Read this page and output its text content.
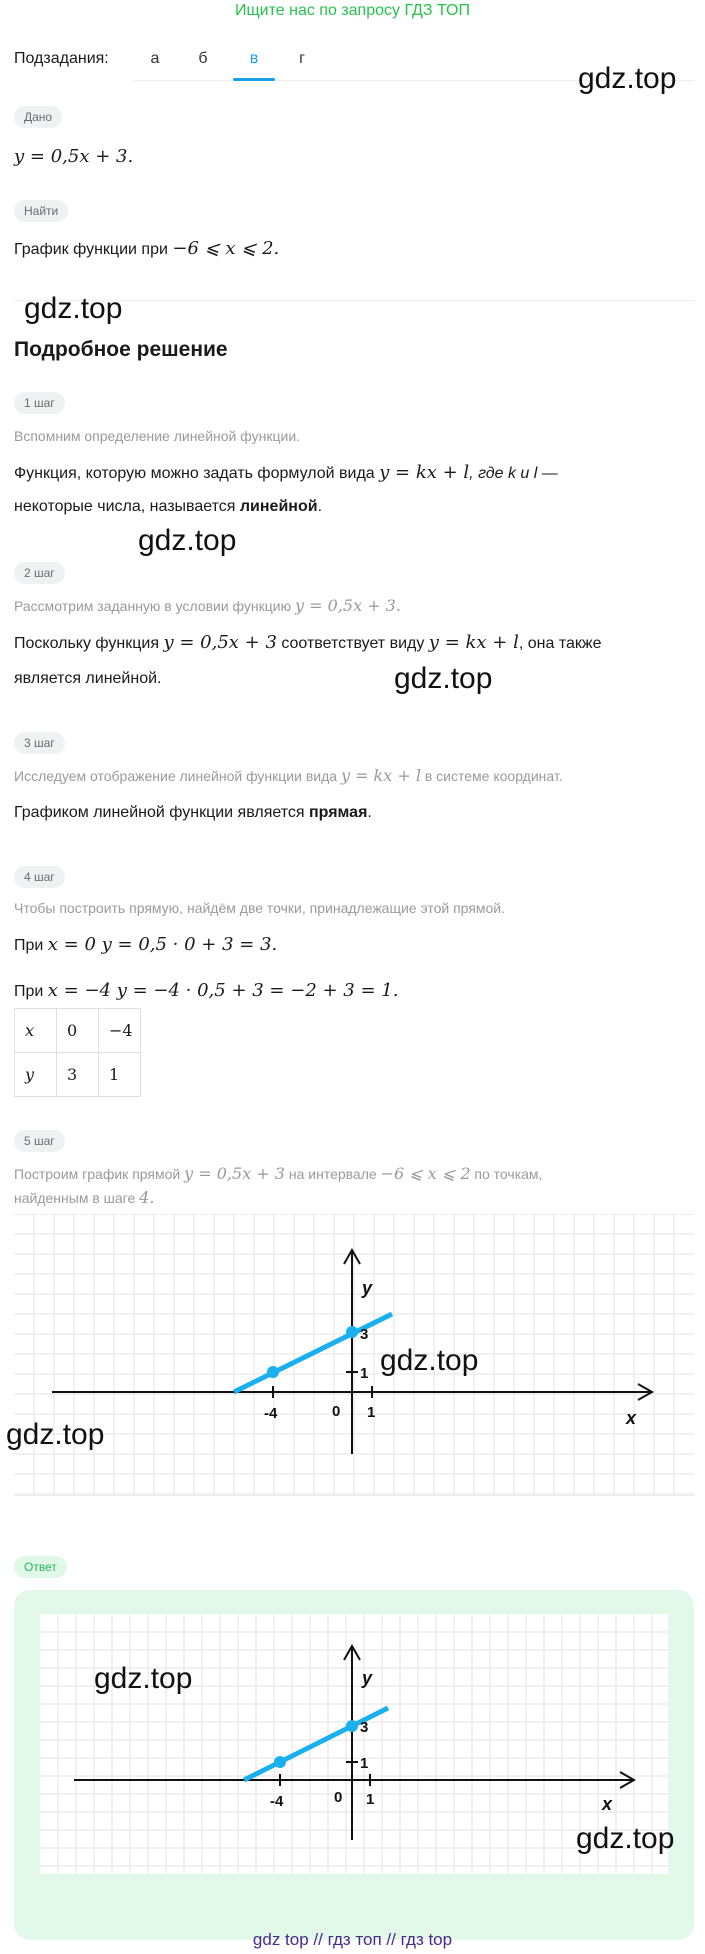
Ищите нас по запросу ГДЗ ТОП
Подзадания:	а	б	в	г
gdz.top
Дано
y = 0,5x + 3.
Найти
График функции при −6 ⩽ x ⩽ 2.
gdz.top
Подробное решение
1 шаг
Вспомним определение линейной функции.
Функция, которую можно задать формулой вида y = kx + l, где k и l —
некоторые числа, называется линейной.
gdz.top
2 шаг
Рассмотрим заданную в условии функцию y = 0,5x + 3.
Поскольку функция y = 0,5x + 3 соответствует виду y = kx + l, она также
является линейной.	gdz.top
3 шаг
Исследуем отображение линейной функции вида y = kx + l в системе координат.
Графиком линейной функции является прямая.
4 шаг
Чтобы построить прямую, найдём две точки, принадлежащие этой прямой.
При x = 0 y = 0,5 · 0 + 3 = 3.
При x = −4 y = −4 · 0,5 + 3 = −2 + 3 = 1.
x	0	−4
y	3	1
5 шаг
Построим график прямой y = 0,5x + 3 на интервале −6 ⩽ x ⩽ 2 по точкам,
найденным в шаге 4.
y
x
0 1
1
-4
3
gdz.top
gdz.top
Ответ
y
x
0 1
1
-4
3
gdz.top
gdz.top
gdz top // гдз топ // гдз top
